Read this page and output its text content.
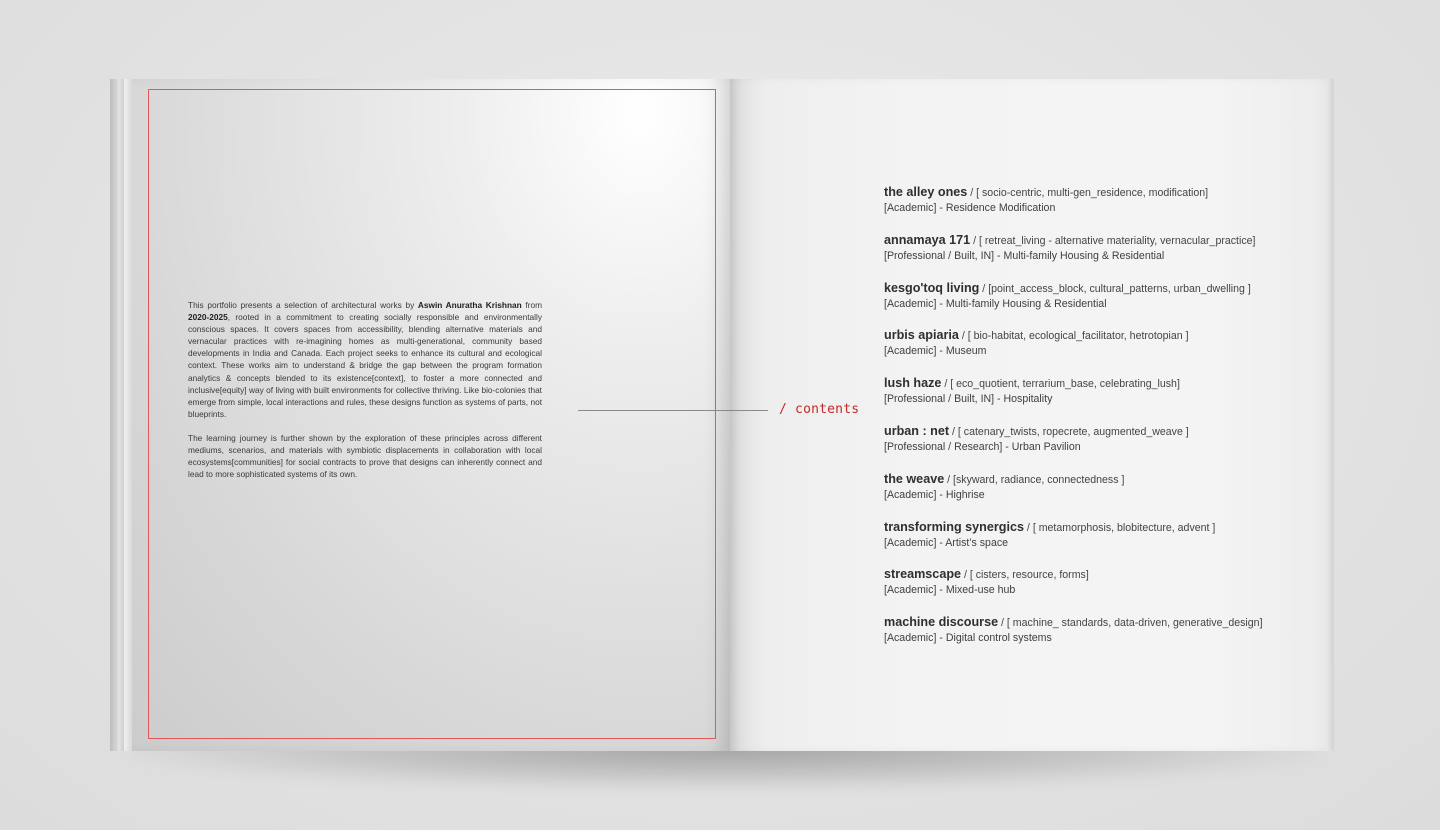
This portfolio presents a selection of architectural works by Aswin Anuratha Krishnan from 2020-2025, rooted in a commitment to creating socially responsible and environmentally conscious spaces. It covers spaces from accessibility, blending alternative materials and vernacular practices with re-imagining homes as multi-generational, community based developments in India and Canada. Each project seeks to enhance its cultural and ecological context. These works aim to understand & bridge the gap between the program formation analytics & concepts blended to its existence[context], to foster a more connected and inclusive[equity] way of living with built environments for collective thriving. Like bio-colonies that emerge from simple, local interactions and rules, these designs function as systems of parts, not blueprints.

The learning journey is further shown by the exploration of these principles across different mediums, scenarios, and materials with symbiotic displacements in collaboration with local ecosystems[communities] for social contracts to prove that designs can inherently connect and lead to more sophisticated systems of its own.

/ contents
the alley ones / [ socio-centric, multi-gen_residence, modification]
[Academic] - Residence Modification
annamaya 171 / [ retreat_living - alternative materiality, vernacular_practice]
[Professional / Built, IN] - Multi-family Housing & Residential
kesgo'toq living / [point_access_block, cultural_patterns, urban_dwelling ]
[Academic] - Multi-family Housing & Residential
urbis apiaria / [ bio-habitat, ecological_facilitator, hetrotopian ]
[Academic] - Museum
lush haze / [ eco_quotient, terrarium_base, celebrating_lush]
[Professional / Built, IN] - Hospitality
urban : net / [ catenary_twists, ropecrete, augmented_weave ]
[Professional / Research] - Urban Pavilion
the weave / [skyward, radiance, connectedness ]
[Academic] - Highrise
transforming synergics / [ metamorphosis, blobitecture, advent ]
[Academic] - Artist’s space
streamscape / [ cisters, resource, forms]
[Academic] - Mixed-use hub
machine discourse / [ machine_ standards, data-driven, generative_design]
[Academic] - Digital control systems
